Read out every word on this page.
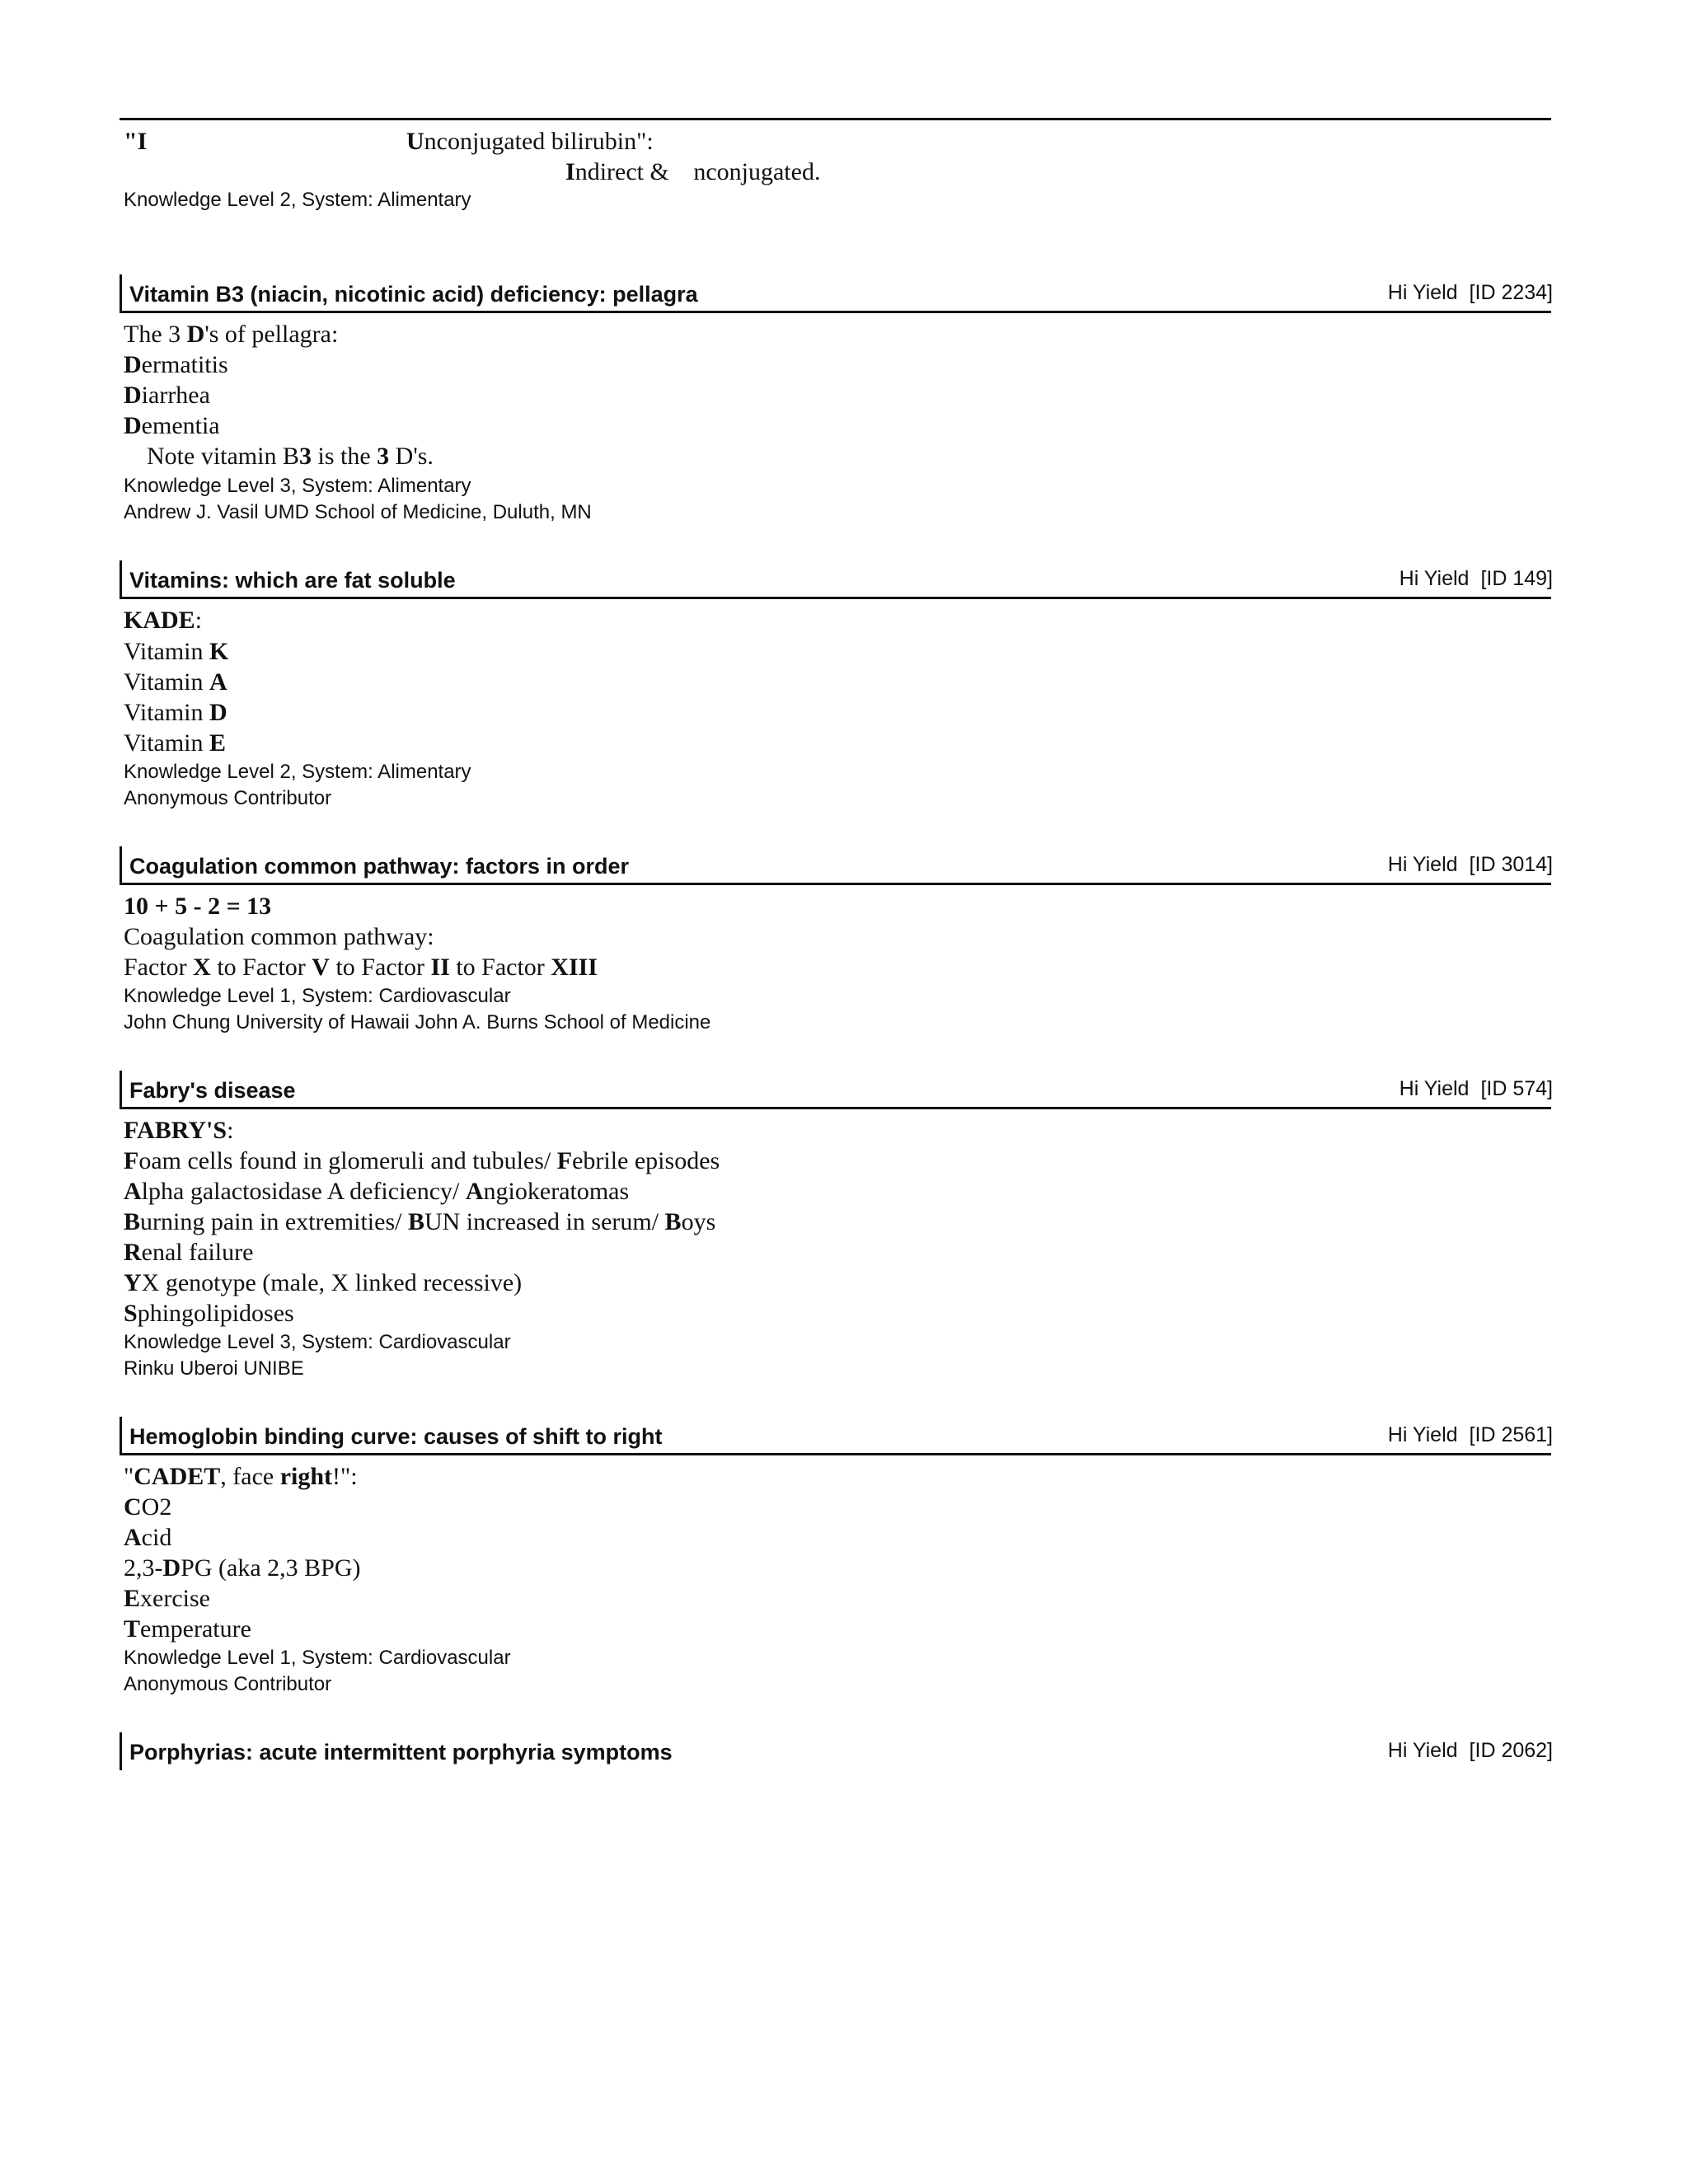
"I	Unconjugated bilirubin":
Indirect & nconjugated.
Knowledge Level 2, System: Alimentary
Vitamin B3 (niacin, nicotinic acid) deficiency: pellagra	Hi Yield [ID 2234]
The 3 D's of pellagra:
Dermatitis
Diarrhea
Dementia
Note vitamin B3 is the 3 D's.
Knowledge Level 3, System: Alimentary
Andrew J. Vasil UMD School of Medicine, Duluth, MN
Vitamins: which are fat soluble	Hi Yield [ID 149]
KADE:
Vitamin K
Vitamin A
Vitamin D
Vitamin E
Knowledge Level 2, System: Alimentary
Anonymous Contributor
Coagulation common pathway: factors in order	Hi Yield [ID 3014]
10 + 5 - 2 = 13
Coagulation common pathway:
Factor X to Factor V to Factor II to Factor XIII
Knowledge Level 1, System: Cardiovascular
John Chung University of Hawaii John A. Burns School of Medicine
Fabry's disease	Hi Yield [ID 574]
FABRY'S:
Foam cells found in glomeruli and tubules/ Febrile episodes
Alpha galactosidase A deficiency/ Angiokeratomas
Burning pain in extremities/ BUN increased in serum/ Boys
Renal failure
YX genotype (male, X linked recessive)
Sphingolipidoses
Knowledge Level 3, System: Cardiovascular
Rinku Uberoi UNIBE
Hemoglobin binding curve: causes of shift to right	Hi Yield [ID 2561]
"CADET, face right!":
CO2
Acid
2,3-DPG (aka 2,3 BPG)
Exercise
Temperature
Knowledge Level 1, System: Cardiovascular
Anonymous Contributor
Porphyrias: acute intermittent porphyria symptoms	Hi Yield [ID 2062]
